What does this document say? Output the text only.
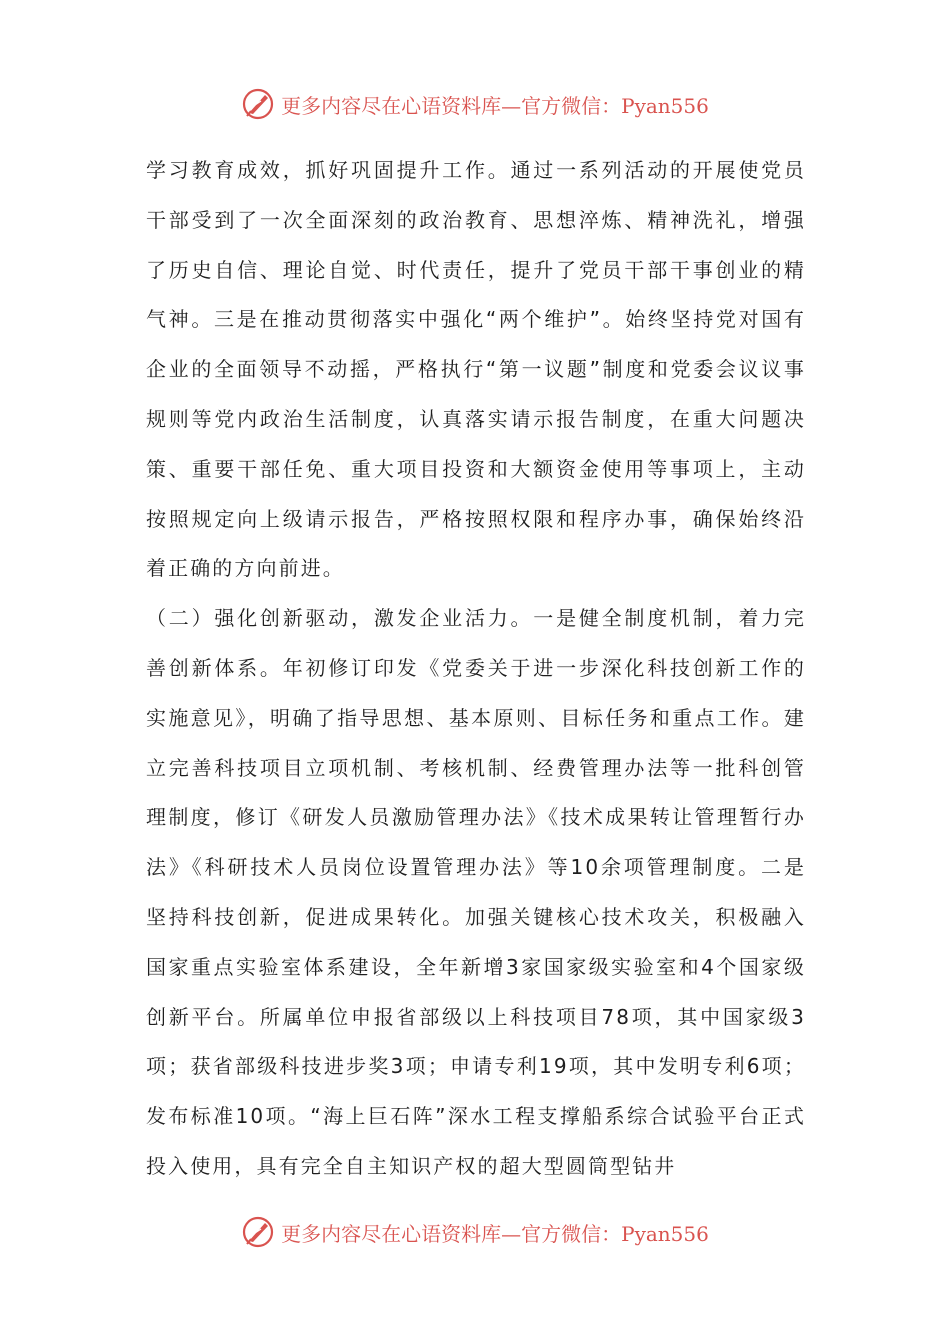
更多内容尽在心语资料库—官方微信：Pyan556

学习教育成效，抓好巩固提升工作。通过一系列活动的开展使党员干部受到了一次全面深刻的政治教育、思想淬炼、精神洗礼，增强了历史自信、理论自觉、时代责任，提升了党员干部干事创业的精气神。三是在推动贯彻落实中强化“两个维护”。始终坚持党对国有企业的全面领导不动摇，严格执行“第一议题”制度和党委会议议事规则等党内政治生活制度，认真落实请示报告制度，在重大问题决策、重要干部任免、重大项目投资和大额资金使用等事项上，主动按照规定向上级请示报告，严格按照权限和程序办事，确保始终沿着正确的方向前进。

（二）强化创新驱动，激发企业活力。一是健全制度机制，着力完善创新体系。年初修订印发《党委关于进一步深化科技创新工作的实施意见》，明确了指导思想、基本原则、目标任务和重点工作。建立完善科技项目立项机制、考核机制、经费管理办法等一批科创管理制度，修订《研发人员激励管理办法》《技术成果转让管理暂行办法》《科研技术人员岗位设置管理办法》等10余项管理制度。二是坚持科技创新，促进成果转化。加强关键核心技术攻关，积极融入国家重点实验室体系建设，全年新增3家国家级实验室和4个国家级创新平台。所属单位申报省部级以上科技项目78项，其中国家级3项；获省部级科技进步奖3项；申请专利19项，其中发明专利6项；发布标准10项。“海上巨石阵”深水工程支撑船系综合试验平台正式投入使用，具有完全自主知识产权的超大型圆筒型钻井

更多内容尽在心语资料库—官方微信：Pyan556
